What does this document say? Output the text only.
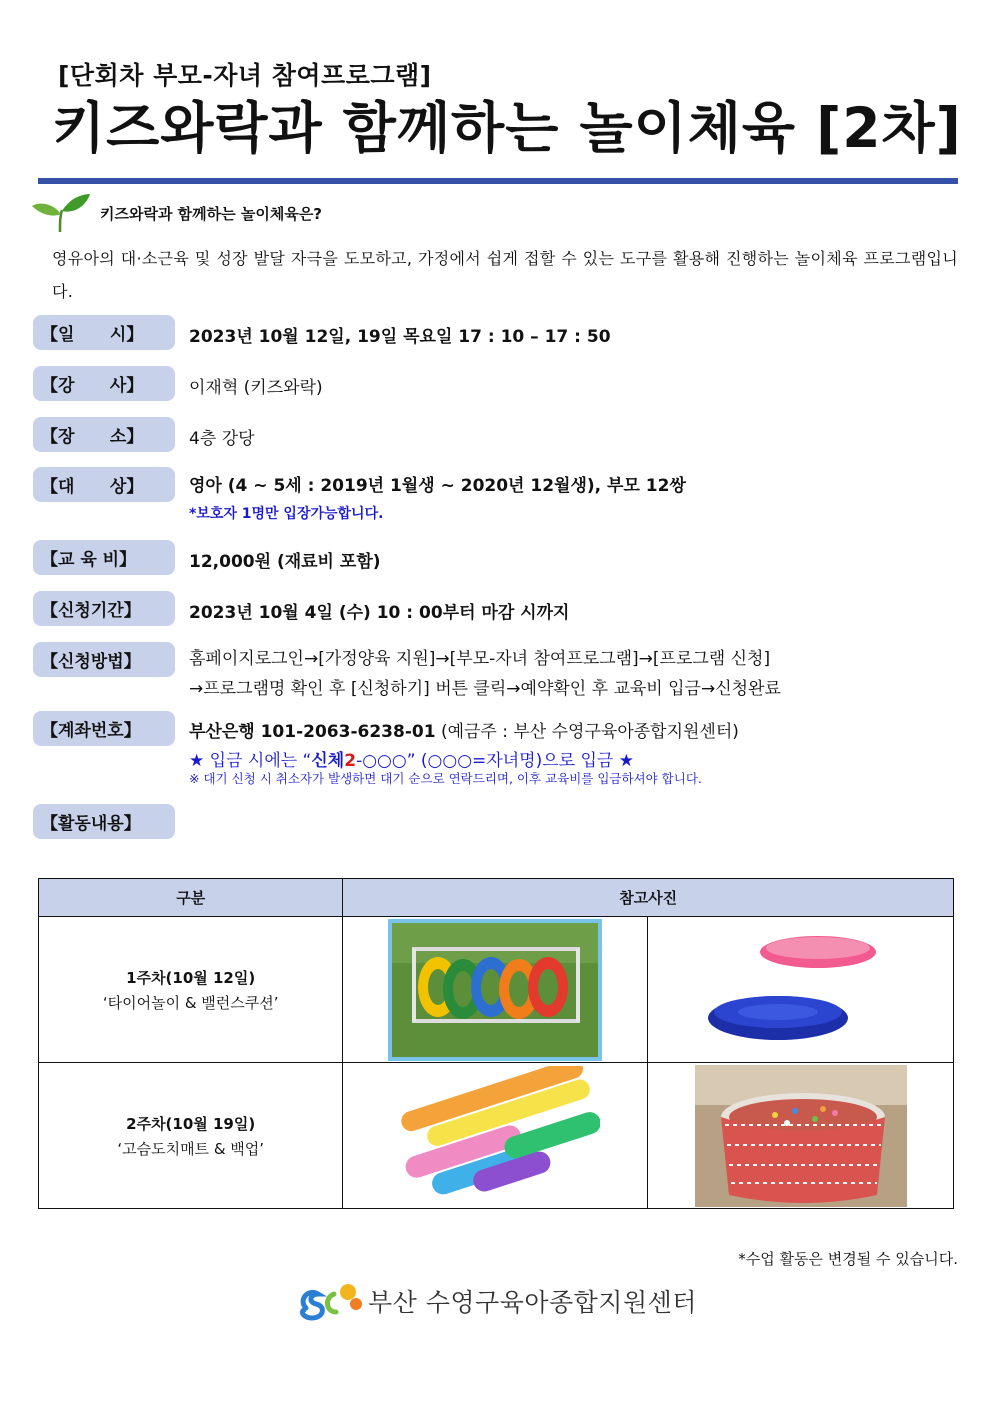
[단회차 부모-자녀 참여프로그램]
키즈와락과 함께하는 놀이체육 [2차]
키즈와락과 함께하는 놀이체육은?
영유아의 대·소근육 및 성장 발달 자극을 도모하고, 가정에서 쉽게 접할 수 있는 도구를 활용해 진행하는 놀이체육 프로그램입니다.
【일      시】	2023년 10월 12일, 19일 목요일 17 : 10 – 17 : 50
【강      사】	이재혁 (키즈와락)
【장      소】	4층 강당
【대      상】	영아 (4 ~ 5세 : 2019년 1월생 ~ 2020년 12월생), 부모 12쌍
*보호자 1명만 입장가능합니다.
【교 육 비】	12,000원 (재료비 포함)
【신청기간】	2023년 10월 4일 (수) 10 : 00부터 마감 시까지
【신청방법】	홈페이지로그인→[가정양육 지원]→[부모-자녀 참여프로그램]→[프로그램 신청]
→프로그램명 확인 후 [신청하기] 버튼 클릭→예약확인 후 교육비 입금→신청완료
【계좌번호】	부산은행 101-2063-6238-01 (예금주 : 부산 수영구육아종합지원센터)
★ 입금 시에는 “신체2-○○○” (○○○=자녀명)으로 입금 ★
※ 대기 신청 시 취소자가 발생하면 대기 순으로 연락드리며, 이후 교육비를 입금하셔야 합니다.
【활동내용】
구분	참고사진	

1주차(10월 12일)
‘타이어놀이 & 밸런스쿠션’

2주차(10월 19일)
‘고슴도치매트 & 백업’

*수업 활동은 변경될 수 있습니다.
부산 수영구육아종합지원센터
